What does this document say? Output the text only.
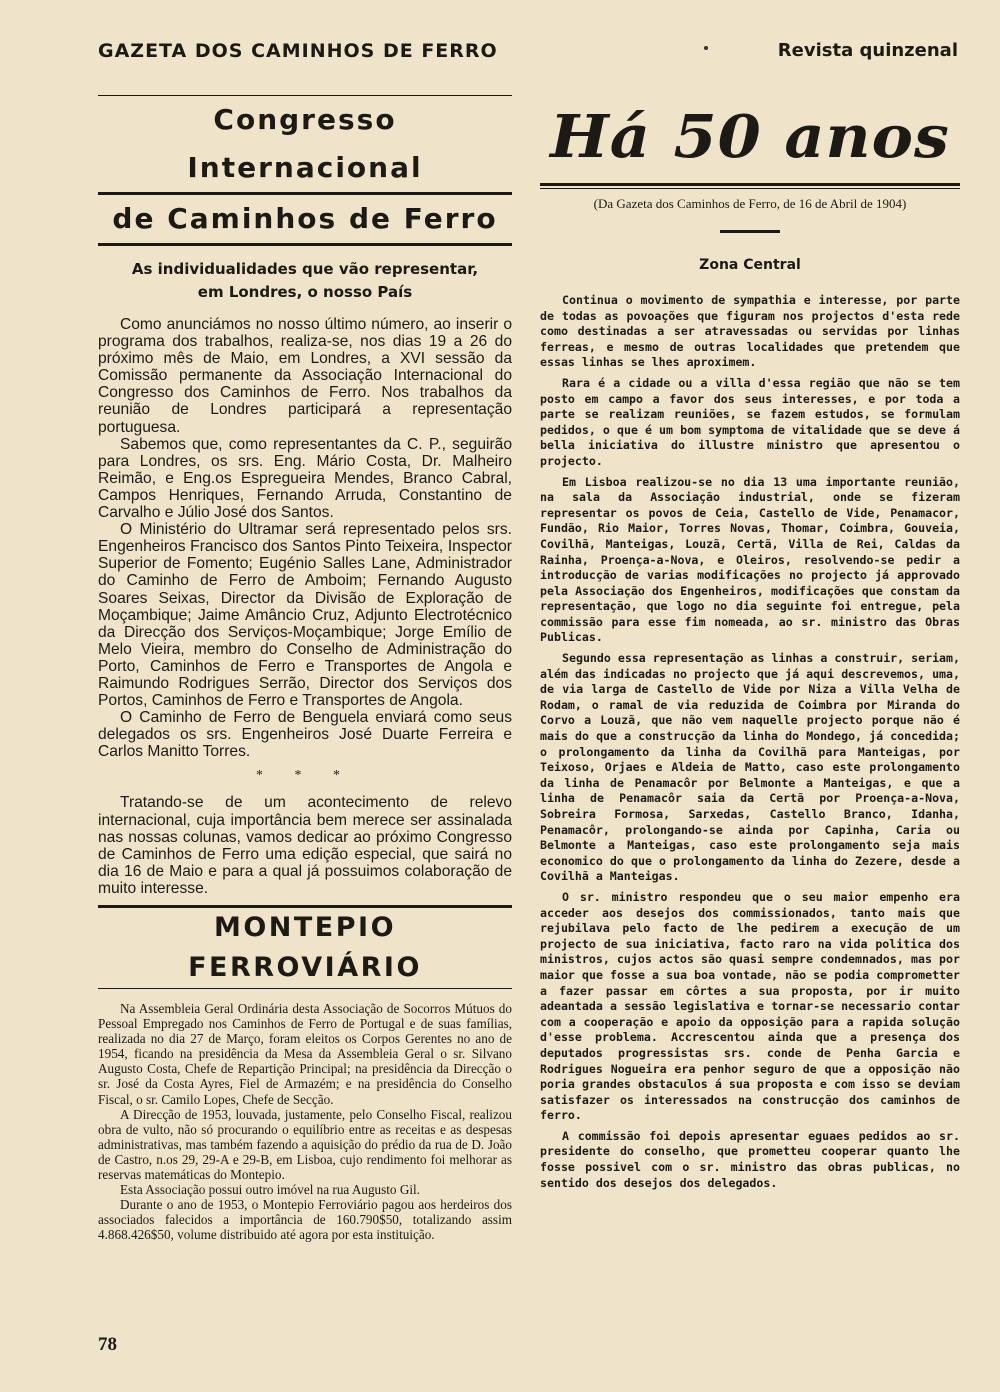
GAZETA DOS CAMINHOS DE FERRO	Revista quinzenal
Congresso Internacional
de Caminhos de Ferro
As individualidades que vão representar,
em Londres, o nosso País

Como anunciámos no nosso último número, ao inserir o programa dos trabalhos, realiza-se, nos dias 19 a 26 do próximo mês de Maio, em Londres, a XVI sessão da Comissão permanente da Associação Internacional do Congresso dos Caminhos de Ferro. Nos trabalhos da reunião de Londres participará a representação portuguesa.

Sabemos que, como representantes da C. P., seguirão para Londres, os srs. Eng. Mário Costa, Dr. Malheiro Reimão, e Eng.os Espregueira Mendes, Branco Cabral, Campos Henriques, Fernando Arruda, Constantino de Carvalho e Júlio José dos Santos.

O Ministério do Ultramar será representado pelos srs. Engenheiros Francisco dos Santos Pinto Teixeira, Inspector Superior de Fomento; Eugénio Salles Lane, Administrador do Caminho de Ferro de Amboim; Fernando Augusto Soares Seixas, Director da Divisão de Exploração de Moçambique; Jaime Amâncio Cruz, Adjunto Electrotécnico da Direcção dos Serviços-Moçambique; Jorge Emílio de Melo Vieira, membro do Conselho de Administração do Porto, Caminhos de Ferro e Transportes de Angola e Raimundo Rodrigues Serrão, Director dos Serviços dos Portos, Caminhos de Ferro e Transportes de Angola.

O Caminho de Ferro de Benguela enviará como seus delegados os srs. Engenheiros José Duarte Ferreira e Carlos Manitto Torres.

* * *

Tratando-se de um acontecimento de relevo internacional, cuja importância bem merece ser assinalada nas nossas colunas, vamos dedicar ao próximo Congresso de Caminhos de Ferro uma edição especial, que sairá no dia 16 de Maio e para a qual já possuimos colaboração de muito interesse.

MONTEPIO FERROVIÁRIO

Na Assembleia Geral Ordinária desta Associação de Socorros Mútuos do Pessoal Empregado nos Caminhos de Ferro de Portugal e de suas famílias, realizada no dia 27 de Março, foram eleitos os Corpos Gerentes no ano de 1954, ficando na presidência da Mesa da Assembleia Geral o sr. Silvano Augusto Costa, Chefe de Repartição Principal; na presidência da Direcção o sr. José da Costa Ayres, Fiel de Armazém; e na presidência do Conselho Fiscal, o sr. Camilo Lopes, Chefe de Secção.

A Direcção de 1953, louvada, justamente, pelo Conselho Fiscal, realizou obra de vulto, não só procurando o equilíbrio entre as receitas e as despesas administrativas, mas também fazendo a aquisição do prédio da rua de D. João de Castro, n.os 29, 29-A e 29-B, em Lisboa, cujo rendimento foi melhorar as reservas matemáticas do Montepio.

Esta Associação possui outro imóvel na rua Augusto Gil.

Durante o ano de 1953, o Montepio Ferroviário pagou aos herdeiros dos associados falecidos a importância de 160.790$50, totalizando assim 4.868.426$50, volume distribuido até agora por esta instituição.

Há 50 anos
(Da Gazeta dos Caminhos de Ferro, de 16 de Abril de 1904)
Zona Central

Continua o movimento de sympathia e interesse, por parte de todas as povoações que figuram nos projectos d'esta rede como destinadas a ser atravessadas ou servidas por linhas ferreas, e mesmo de outras localidades que pretendem que essas linhas se lhes aproximem.

Rara é a cidade ou a villa d'essa região que não se tem posto em campo a favor dos seus interesses, e por toda a parte se realizam reuniões, se fazem estudos, se formulam pedidos, o que é um bom symptoma de vitalidade que se deve á bella iniciativa do illustre ministro que apresentou o projecto.

Em Lisboa realizou-se no dia 13 uma importante reunião, na sala da Associação industrial, onde se fizeram representar os povos de Ceia, Castello de Vide, Penamacor, Fundão, Rio Maior, Torres Novas, Thomar, Coimbra, Gouveia, Covilhã, Manteigas, Louzã, Certã, Villa de Rei, Caldas da Rainha, Proença-a-Nova, e Oleiros, resolvendo-se pedir a introducção de varias modificações no projecto já approvado pela Associação dos Engenheiros, modificações que constam da representação, que logo no dia seguinte foi entregue, pela commissão para esse fim nomeada, ao sr. ministro das Obras Publicas.

Segundo essa representação as linhas a construir, seriam, além das indicadas no projecto que já aqui descrevemos, uma, de via larga de Castello de Vide por Niza a Villa Velha de Rodam, o ramal de via reduzida de Coimbra por Miranda do Corvo a Louzã, que não vem naquelle projecto porque não é mais do que a construcção da linha do Mondego, já concedida; o prolongamento da linha da Covilhã para Manteigas, por Teixoso, Orjaes e Aldeia de Matto, caso este prolongamento da linha de Penamacôr por Belmonte a Manteigas, e que a linha de Penamacôr saia da Certã por Proença-a-Nova, Sobreira Formosa, Sarxedas, Castello Branco, Idanha, Penamacôr, prolongando-se ainda por Capinha, Caria ou Belmonte a Manteigas, caso este prolongamento seja mais economico do que o prolongamento da linha do Zezere, desde a Covilhã a Manteigas.

O sr. ministro respondeu que o seu maior empenho era acceder aos desejos dos commissionados, tanto mais que rejubilava pelo facto de lhe pedirem a execução de um projecto de sua iniciativa, facto raro na vida politica dos ministros, cujos actos são quasi sempre condemnados, mas por maior que fosse a sua boa vontade, não se podia comprometter a fazer passar em côrtes a sua proposta, por ir muito adeantada a sessão legislativa e tornar-se necessario contar com a cooperação e apoio da opposição para a rapida solução d'esse problema. Accrescentou ainda que a presença dos deputados progressistas srs. conde de Penha Garcia e Rodrigues Nogueira era penhor seguro de que a opposição não poria grandes obstaculos á sua proposta e com isso se deviam satisfazer os interessados na construcção dos caminhos de ferro.

A commissão foi depois apresentar eguaes pedidos ao sr. presidente do conselho, que prometteu cooperar quanto lhe fosse possivel com o sr. ministro das obras publicas, no sentido dos desejos dos delegados.

78
